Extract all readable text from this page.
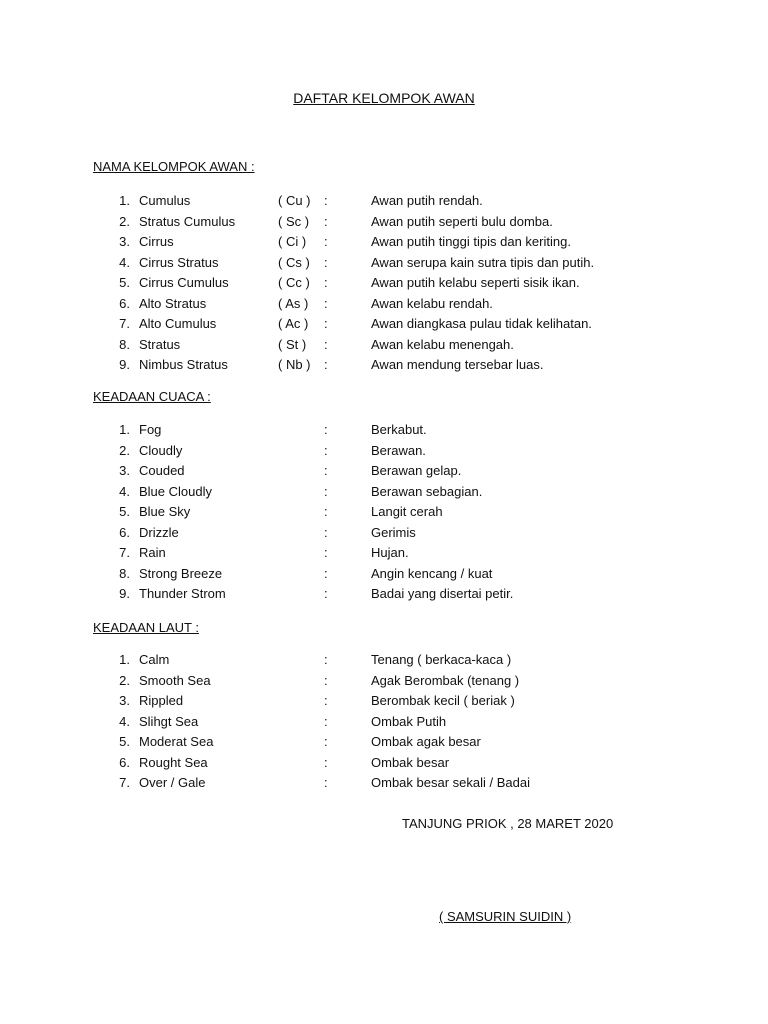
DAFTAR KELOMPOK AWAN
NAMA KELOMPOK AWAN :
1. Cumulus	( Cu ) :	Awan putih rendah.
2. Stratus Cumulus	( Sc ) :	Awan putih seperti bulu domba.
3. Cirrus	( Ci ) :	Awan putih tinggi tipis dan keriting.
4. Cirrus Stratus	( Cs ) :	Awan serupa kain sutra tipis dan putih.
5. Cirrus Cumulus	( Cc ) :	Awan putih kelabu seperti sisik ikan.
6. Alto Stratus	( As ) :	Awan kelabu rendah.
7. Alto Cumulus	( Ac ) :	Awan diangkasa pulau tidak kelihatan.
8. Stratus	( St ) :	Awan kelabu menengah.
9. Nimbus Stratus	( Nb ) :	Awan mendung tersebar luas.
KEADAAN CUACA :
1. Fog	:	Berkabut.
2. Cloudly	:	Berawan.
3. Couded	:	Berawan gelap.
4. Blue Cloudly	:	Berawan sebagian.
5. Blue Sky	:	Langit cerah
6. Drizzle	:	Gerimis
7. Rain	:	Hujan.
8. Strong Breeze	:	Angin kencang / kuat
9. Thunder Strom	:	Badai yang disertai petir.
KEADAAN LAUT :
1. Calm	:	Tenang ( berkaca-kaca )
2. Smooth Sea	:	Agak Berombak (tenang )
3. Rippled	:	Berombak kecil ( beriak )
4. Slihgt Sea	:	Ombak Putih
5. Moderat Sea	:	Ombak agak besar
6. Rought Sea	:	Ombak besar
7. Over / Gale	:	Ombak besar sekali / Badai
TANJUNG PRIOK , 28 MARET 2020
( SAMSURIN SUIDIN )
